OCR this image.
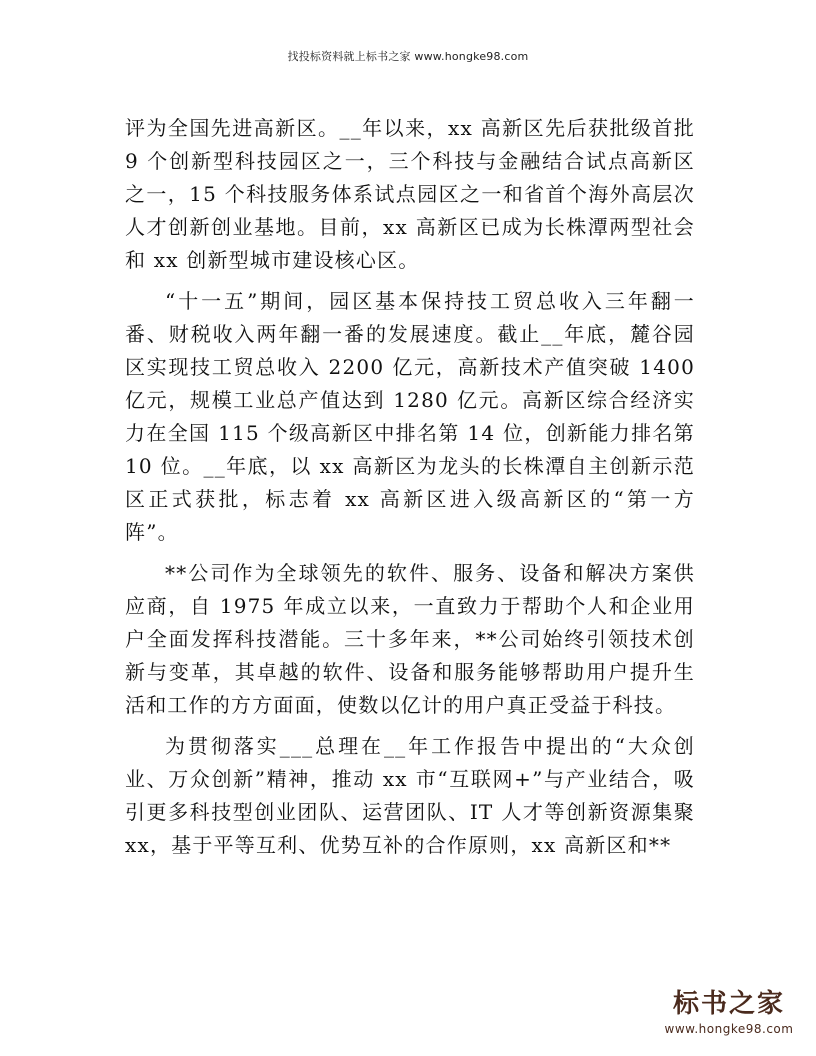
找投标资料就上标书之家 www.hongke98.com

评为全国先进高新区。__年以来，xx 高新区先后获批级首批 9 个创新型科技园区之一，三个科技与金融结合试点高新区之一，15 个科技服务体系试点园区之一和省首个海外高层次人才创新创业基地。目前，xx 高新区已成为长株潭两型社会和 xx 创新型城市建设核心区。

“十一五”期间，园区基本保持技工贸总收入三年翻一番、财税收入两年翻一番的发展速度。截止__年底，麓谷园区实现技工贸总收入 2200 亿元，高新技术产值突破 1400 亿元，规模工业总产值达到 1280 亿元。高新区综合经济实力在全国 115 个级高新区中排名第 14 位，创新能力排名第 10 位。__年底，以 xx 高新区为龙头的长株潭自主创新示范区正式获批，标志着 xx 高新区进入级高新区的“第一方阵”。

**公司作为全球领先的软件、服务、设备和解决方案供应商，自 1975 年成立以来，一直致力于帮助个人和企业用户全面发挥科技潜能。三十多年来，**公司始终引领技术创新与变革，其卓越的软件、设备和服务能够帮助用户提升生活和工作的方方面面，使数以亿计的用户真正受益于科技。

为贯彻落实___总理在__年工作报告中提出的“大众创业、万众创新”精神，推动 xx 市“互联网+”与产业结合，吸引更多科技型创业团队、运营团队、IT 人才等创新资源集聚 xx，基于平等互利、优势互补的合作原则，xx 高新区和**

标书之家
www.hongke98.com
